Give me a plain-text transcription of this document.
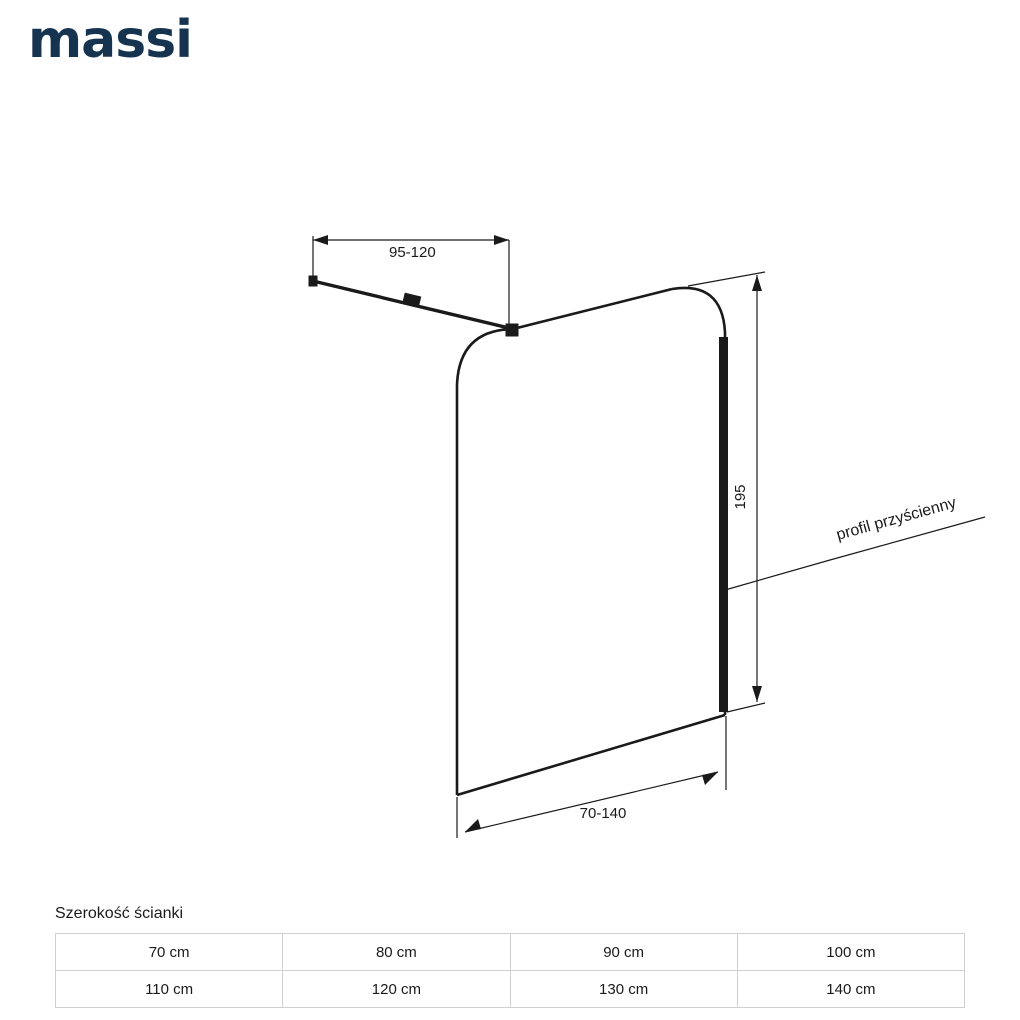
massi
95-120
195
70-140
profil przyścienny
Szerokość ścianki
70 cm	80 cm	90 cm	100 cm
110 cm	120 cm	130 cm	140 cm
